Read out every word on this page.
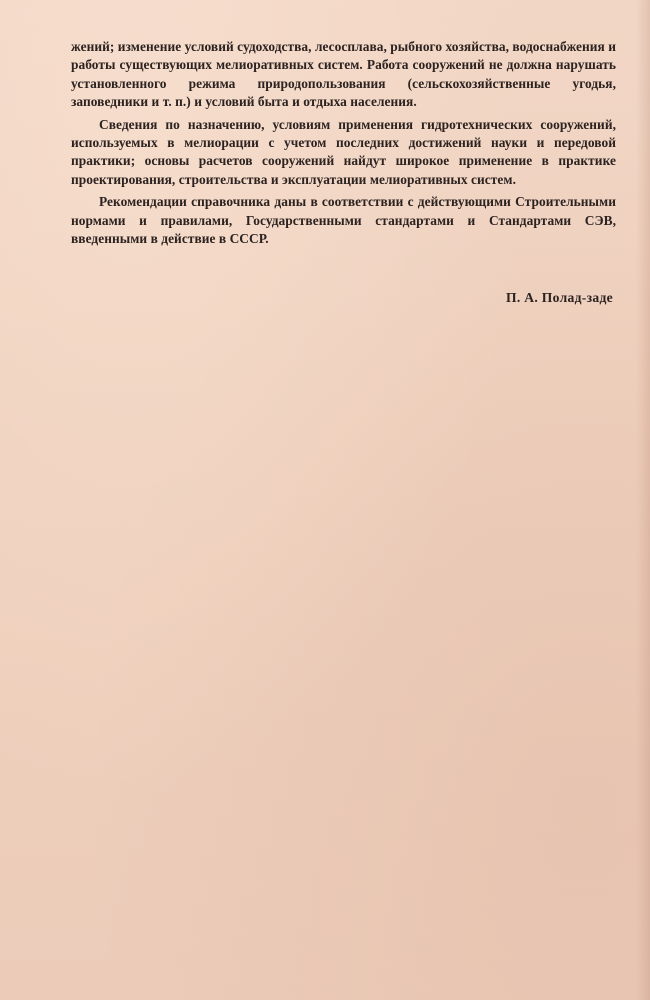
жений; изменение условий судоходства, лесосплава, рыбного хозяйства, водоснабжения и работы существующих мелиоративных систем. Работа сооружений не должна нарушать установленного режима природопользования (сельскохозяйственные угодья, заповедники и т. п.) и условий быта и отдыха населения.

Сведения по назначению, условиям применения гидротехнических сооружений, используемых в мелиорации с учетом последних достижений науки и передовой практики; основы расчетов сооружений найдут широкое применение в практике проектирования, строительства и эксплуатации мелиоративных систем.

Рекомендации справочника даны в соответствии с действующими Строительными нормами и правилами, Государственными стандартами и Стандартами СЭВ, введенными в действие в СССР.

П. А. Полад-заде
